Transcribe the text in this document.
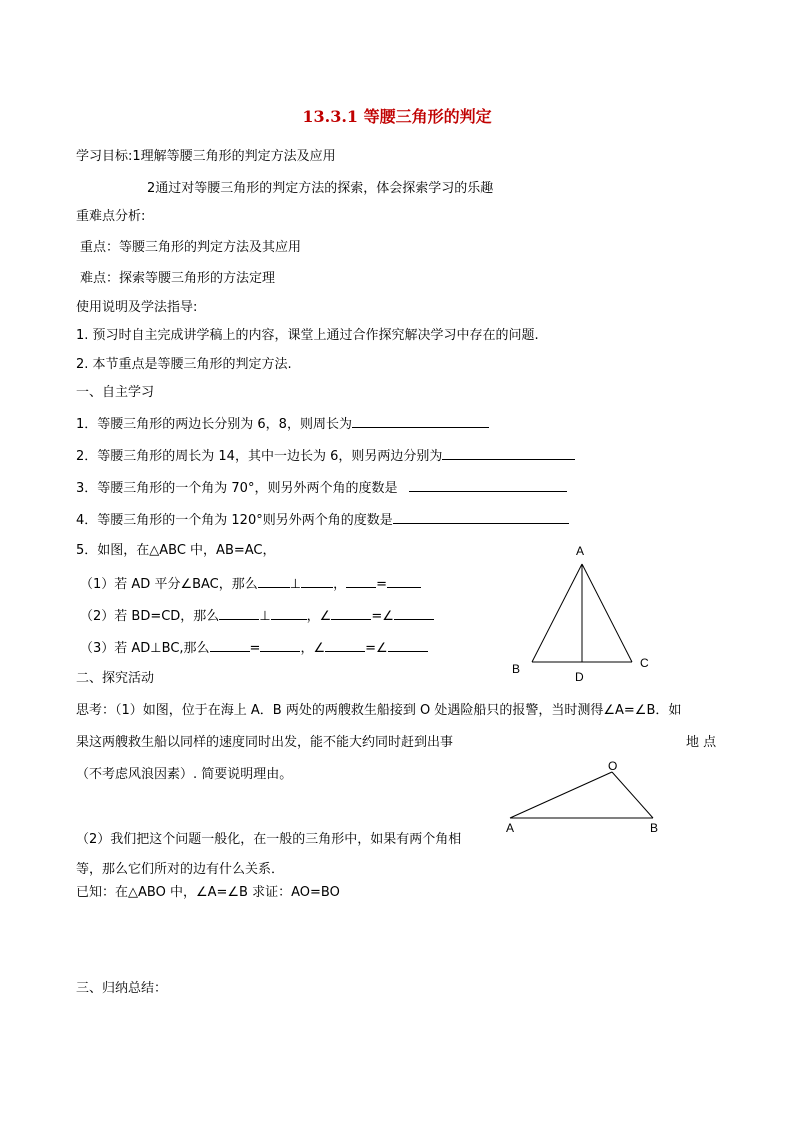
13.3.1 等腰三角形的判定
学习目标:1理解等腰三角形的判定方法及应用
2通过对等腰三角形的判定方法的探索，体会探索学习的乐趣
重难点分析:
重点：等腰三角形的判定方法及其应用
难点：探索等腰三角形的方法定理
使用说明及学法指导:
1. 预习时自主完成讲学稿上的内容，课堂上通过合作探究解决学习中存在的问题.
2. 本节重点是等腰三角形的判定方法.
一、自主学习
1．等腰三角形的两边长分别为 6，8，则周长为
2．等腰三角形的周长为 14，其中一边长为 6，则另两边分别为
3．等腰三角形的一个角为 70°，则另外两个角的度数是
4．等腰三角形的一个角为 120°则另外两个角的度数是
5．如图，在△ABC 中，AB=AC，
（1）若 AD 平分∠BAC，那么 ⊥ ， =
（2）若 BD=CD，那么	⊥	，∠	=∠
（3）若 AD⊥BC,那么	=	，∠	=∠
A
B	C
D
二、探究活动
思考：（1）如图，位于在海上 A．B 两处的两艘救生船接到 O 处遇险船只的报警，当时测得∠A=∠B．如
果这两艘救生船以同样的速度同时出发，能不能大约同时赶到出事	地 点
（不考虑风浪因素）. 简要说明理由。
O
A	B
（2）我们把这个问题一般化，在一般的三角形中，如果有两个角相
等，那么它们所对的边有什么关系．
已知：在△ABO 中，∠A=∠B 求证：AO=BO
三、归纳总结：
